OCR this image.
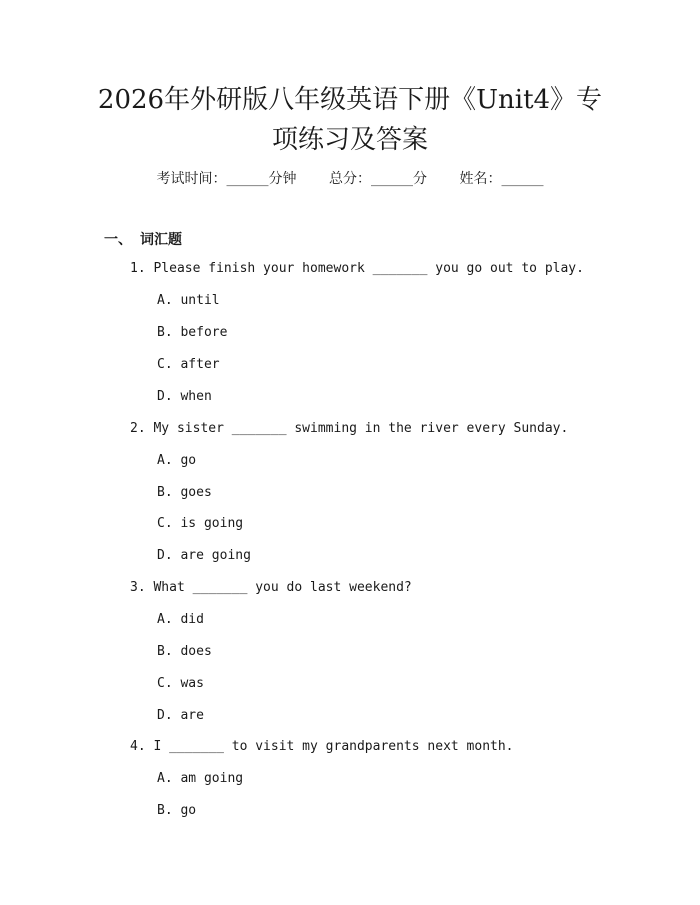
2026年外研版八年级英语下册《Unit4》专
项练习及答案
考试时间：______分钟 总分：______分 姓名：______
一、 词汇题
1. Please finish your homework _______ you go out to play.
A. until
B. before
C. after
D. when
2. My sister _______ swimming in the river every Sunday.
A. go
B. goes
C. is going
D. are going
3. What _______ you do last weekend?
A. did
B. does
C. was
D. are
4. I _______ to visit my grandparents next month.
A. am going
B. go
